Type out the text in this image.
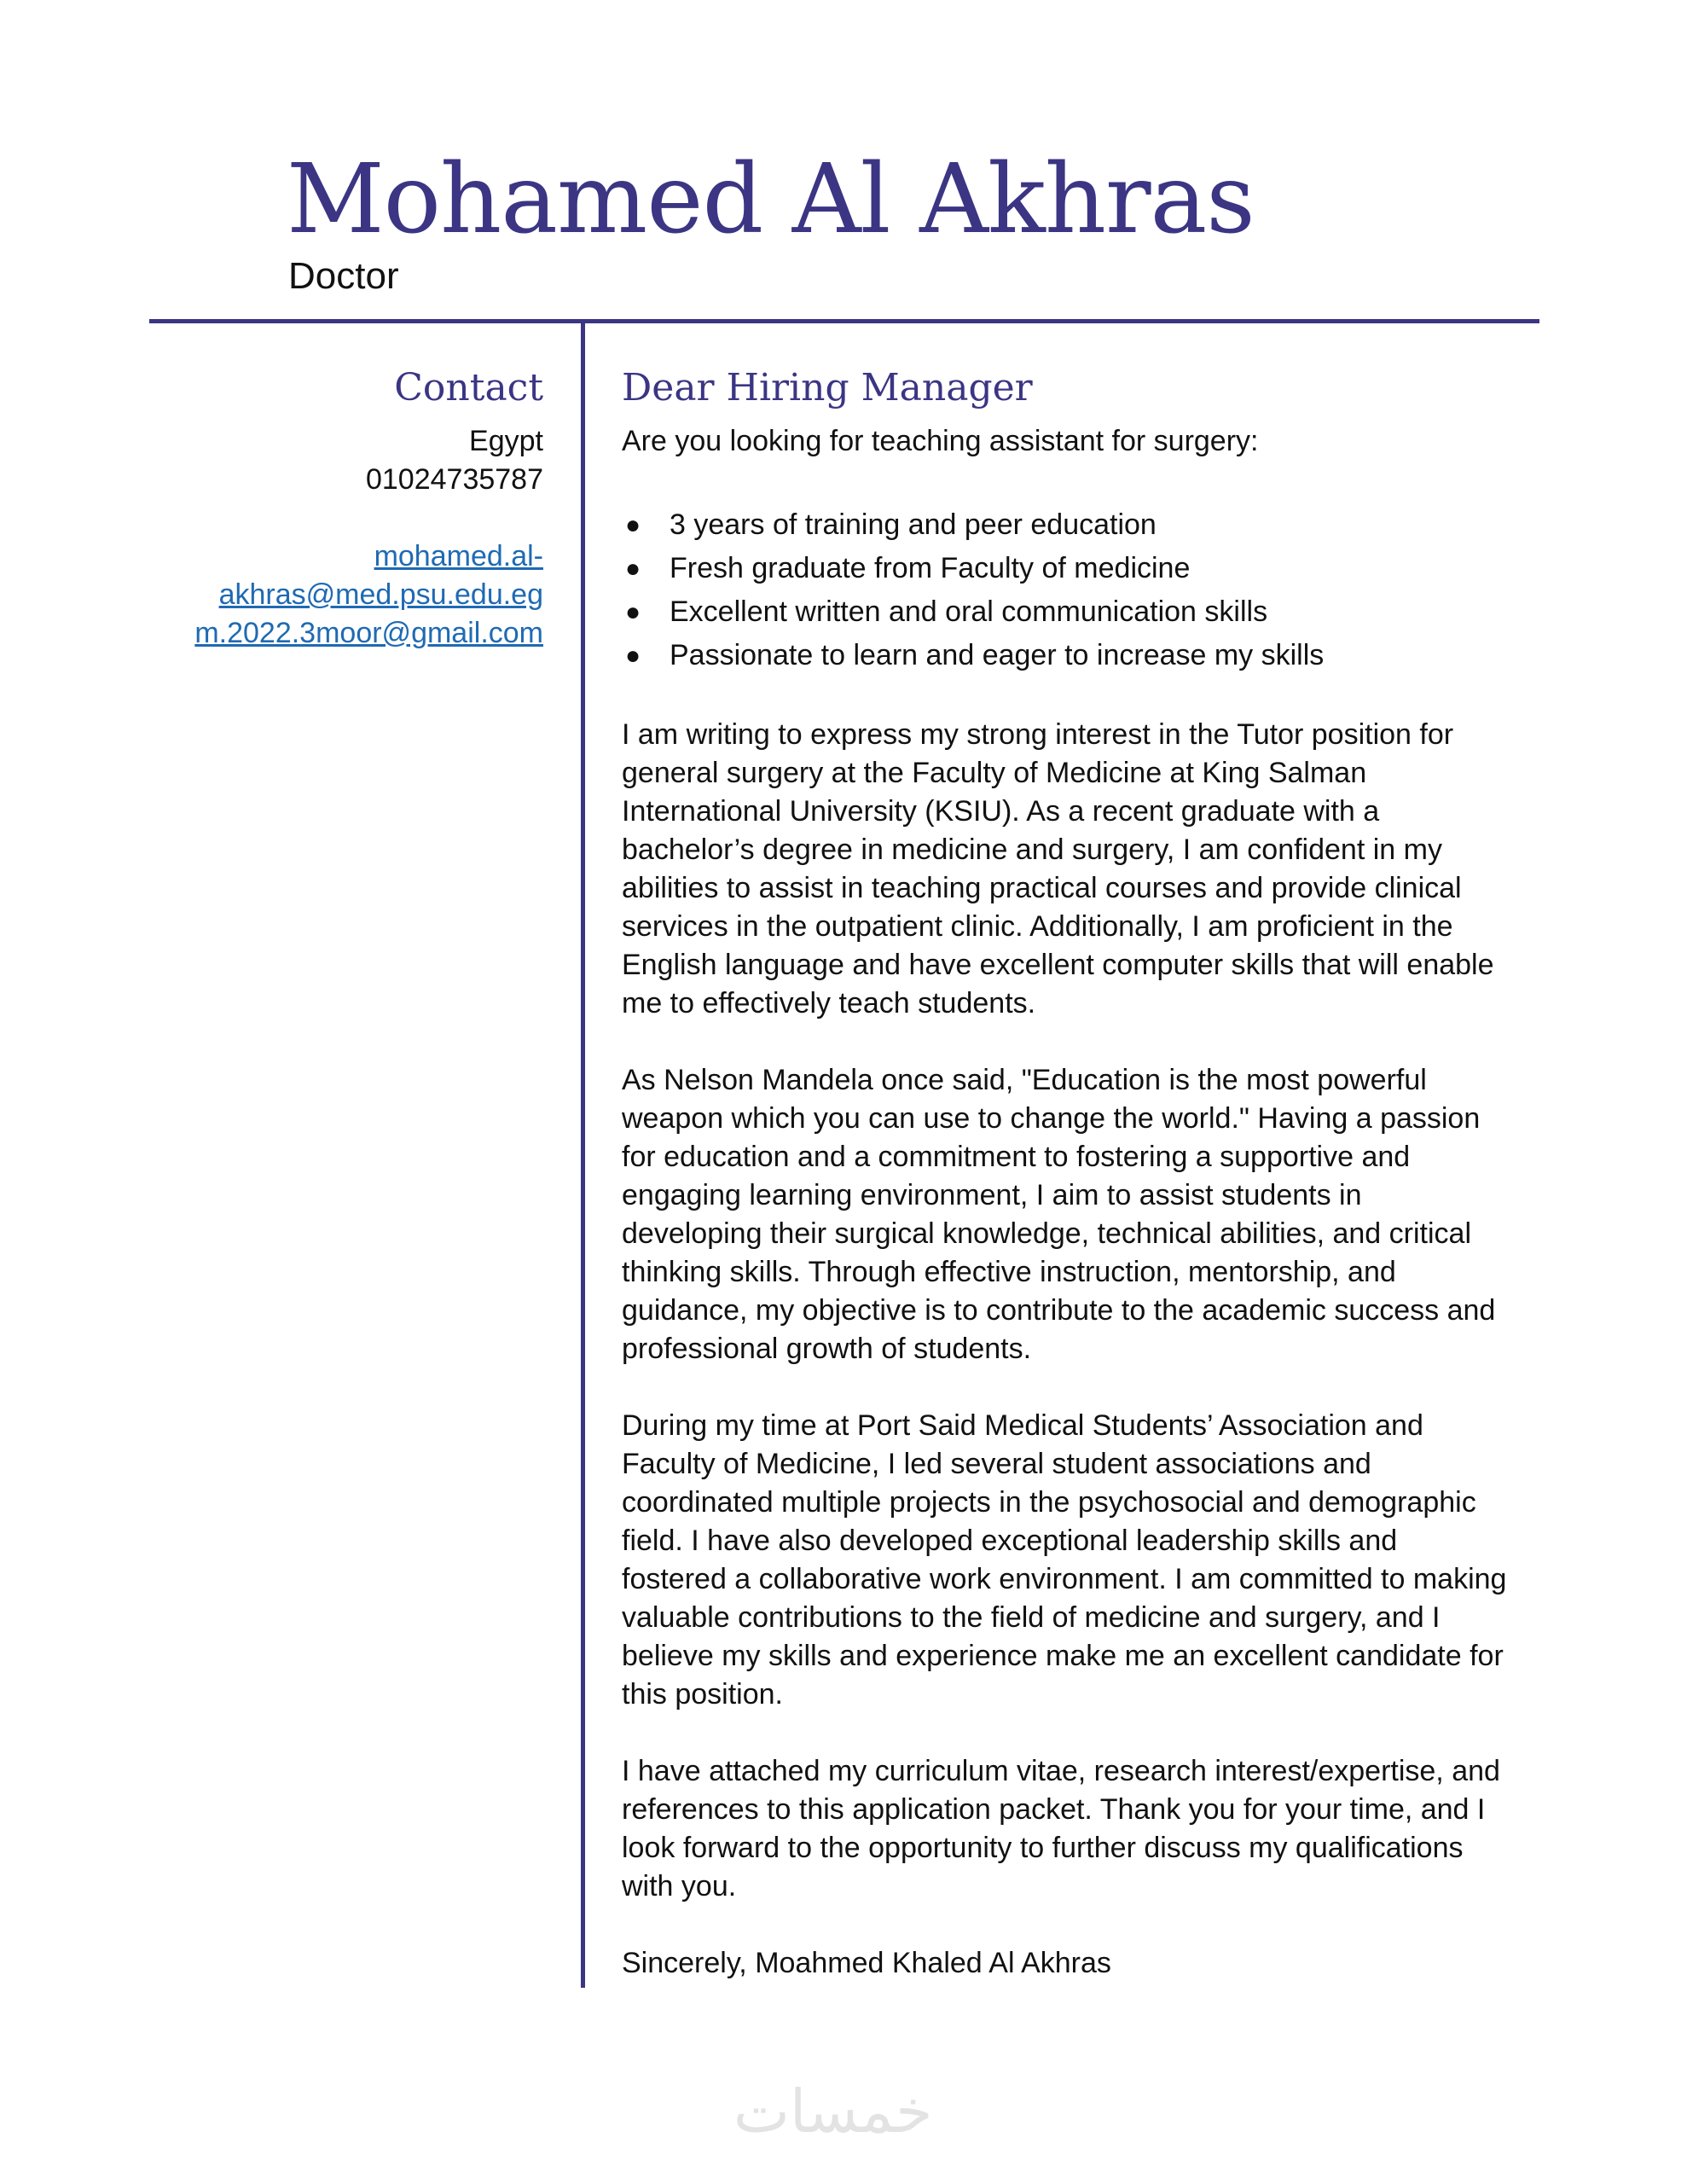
Mohamed Al Akhras
Doctor
Contact
Egypt
01024735787
mohamed.al-
akhras@med.psu.edu.eg
m.2022.3moor@gmail.com
Dear Hiring Manager

Are you looking for teaching assistant for surgery:

● 3 years of training and peer education
● Fresh graduate from Faculty of medicine
● Excellent written and oral communication skills
● Passionate to learn and eager to increase my skills

I am writing to express my strong interest in the Tutor position for general surgery at the Faculty of Medicine at King Salman International University (KSIU). As a recent graduate with a bachelor’s degree in medicine and surgery, I am confident in my abilities to assist in teaching practical courses and provide clinical services in the outpatient clinic. Additionally, I am proficient in the English language and have excellent computer skills that will enable me to effectively teach students.

As Nelson Mandela once said, "Education is the most powerful weapon which you can use to change the world." Having a passion for education and a commitment to fostering a supportive and engaging learning environment, I aim to assist students in developing their surgical knowledge, technical abilities, and critical thinking skills. Through effective instruction, mentorship, and guidance, my objective is to contribute to the academic success and professional growth of students.

During my time at Port Said Medical Students’ Association and Faculty of Medicine, I led several student associations and coordinated multiple projects in the psychosocial and demographic field. I have also developed exceptional leadership skills and fostered a collaborative work environment. I am committed to making valuable contributions to the field of medicine and surgery, and I believe my skills and experience make me an excellent candidate for this position.

I have attached my curriculum vitae, research interest/expertise, and references to this application packet. Thank you for your time, and I look forward to the opportunity to further discuss my qualifications with you.

Sincerely, Moahmed Khaled Al Akhras

خمسات
